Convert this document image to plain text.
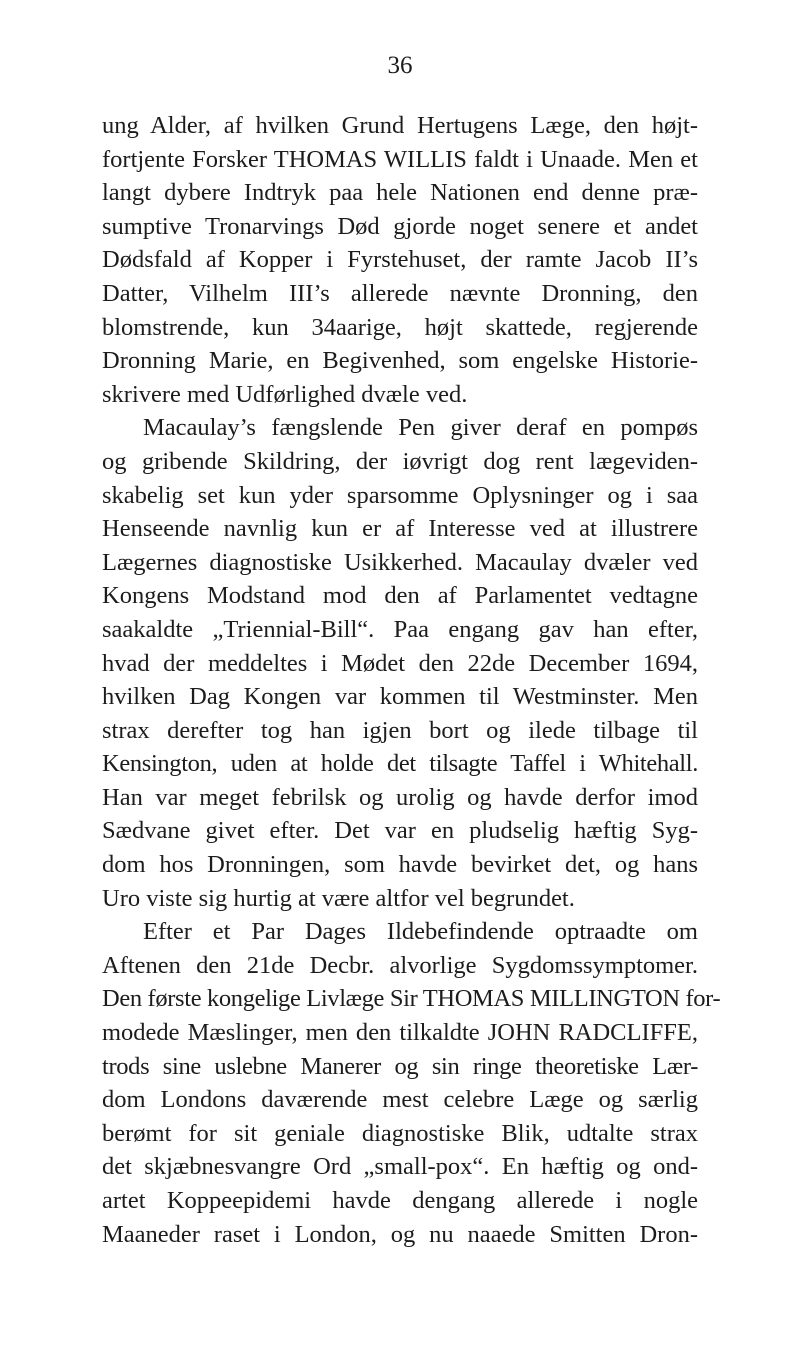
36
ung Alder, af hvilken Grund Hertugens Læge, den højt-
fortjente Forsker THOMAS WILLIS faldt i Unaade. Men et
langt dybere Indtryk paa hele Nationen end denne præ-
sumptive Tronarvings Død gjorde noget senere et andet
Dødsfald af Kopper i Fyrstehuset, der ramte Jacob II’s
Datter, Vilhelm III’s allerede nævnte Dronning, den
blomstrende, kun 34aarige, højt skattede, regjerende
Dronning Marie, en Begivenhed, som engelske Historie-
skrivere med Udførlighed dvæle ved.
Macaulay’s fængslende Pen giver deraf en pompøs
og gribende Skildring, der iøvrigt dog rent lægeviden-
skabelig set kun yder sparsomme Oplysninger og i saa
Henseende navnlig kun er af Interesse ved at illustrere
Lægernes diagnostiske Usikkerhed. Macaulay dvæler ved
Kongens Modstand mod den af Parlamentet vedtagne
saakaldte „Triennial-Bill“. Paa engang gav han efter,
hvad der meddeltes i Mødet den 22de December 1694,
hvilken Dag Kongen var kommen til Westminster. Men
strax derefter tog han igjen bort og ilede tilbage til
Kensington, uden at holde det tilsagte Taffel i Whitehall.
Han var meget febrilsk og urolig og havde derfor imod
Sædvane givet efter. Det var en pludselig hæftig Syg-
dom hos Dronningen, som havde bevirket det, og hans
Uro viste sig hurtig at være altfor vel begrundet.
Efter et Par Dages Ildebefindende optraadte om
Aftenen den 21de Decbr. alvorlige Sygdomssymptomer.
Den første kongelige Livlæge Sir THOMAS MILLINGTON for-
modede Mæslinger, men den tilkaldte JOHN RADCLIFFE,
trods sine uslebne Manerer og sin ringe theoretiske Lær-
dom Londons daværende mest celebre Læge og særlig
berømt for sit geniale diagnostiske Blik, udtalte strax
det skjæbnesvangre Ord „small-pox“. En hæftig og ond-
artet Koppeepidemi havde dengang allerede i nogle
Maaneder raset i London, og nu naaede Smitten Dron-
